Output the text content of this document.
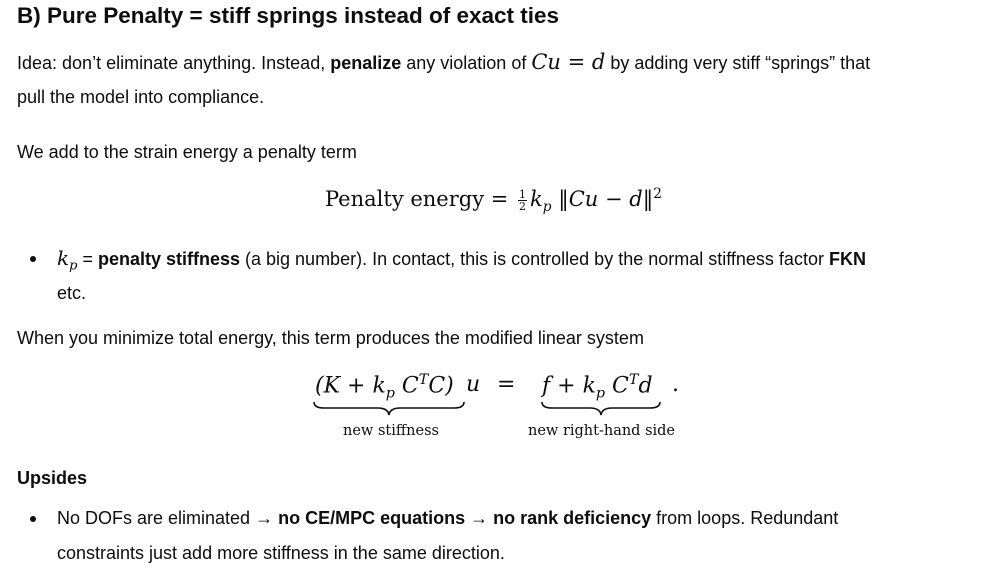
B) Pure Penalty = stiff springs instead of exact ties
Idea: don’t eliminate anything. Instead, penalize any violation of Cu = d by adding very stiff “springs” that
pull the model into compliance.
We add to the strain energy a penalty term
Penalty energy = $\frac{1}{2} k_p$ ‖Cu − d‖$^2$
$k_p$ = penalty stiffness (a big number). In contact, this is controlled by the normal stiffness factor FKN
etc.
When you minimize total energy, this term produces the modified linear system
($K + k_p$ $C^TC$) $u = f + k_p$ $C^Td$ .
new stiffness	new right-hand side
Upsides
No DOFs are eliminated → no CE/MPC equations → no rank deficiency from loops. Redundant
constraints just add more stiffness in the same direction.
